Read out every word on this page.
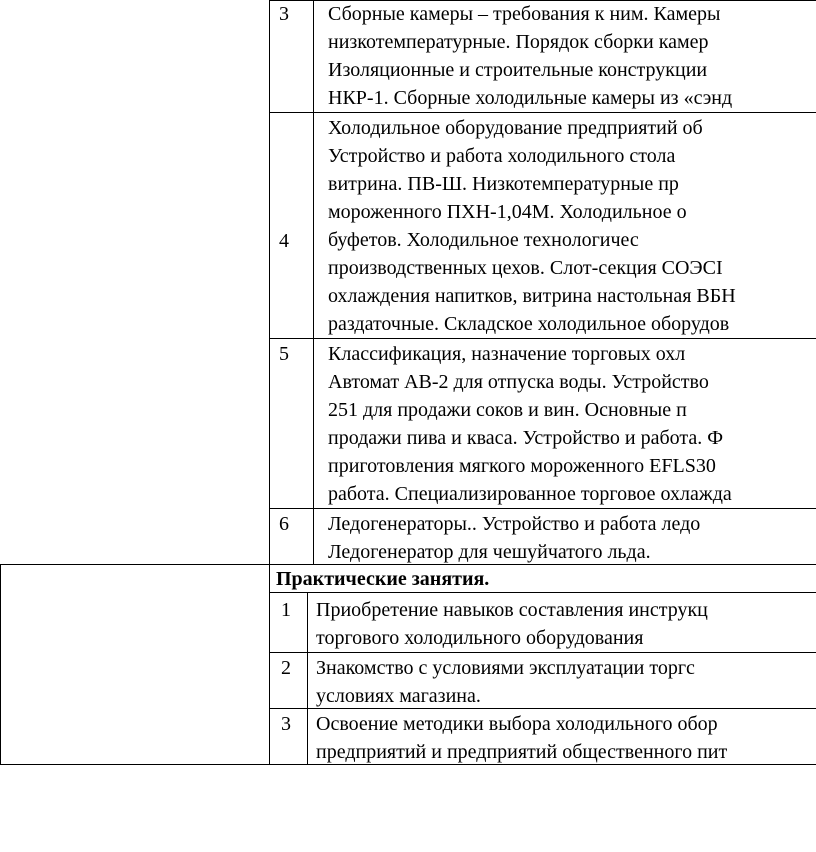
3 Сборные камеры – требования к ним. Камеры
низкотемпературные. Порядок сборки камер
Изоляционные и строительные конструкции
НКР-1. Сборные холодильные камеры из «сэнд
4
Холодильное оборудование предприятий об
Устройство и работа холодильного стола
витрина. ПВ-Ш. Низкотемпературные пр
мороженного ПХН-1,04М. Холодильное о
буфетов. Холодильное технологичес
производственных цехов. Слот-секция СОЭСІ
охлаждения напитков, витрина настольная ВБН
раздаточные. Складское холодильное оборудов
5 Классификация, назначение торговых охл
Автомат АВ-2 для отпуска воды. Устройство
251 для продажи соков и вин. Основные п
продажи пива и кваса. Устройство и работа. Ф
приготовления мягкого мороженного EFLS30
работа. Специализированное торговое охлажда
6 Ледогенераторы.. Устройство и работа ледо
Ледогенератор для чешуйчатого льда.
Практические занятия.
1 Приобретение навыков составления инструкц
торгового холодильного оборудования
2 Знакомство с условиями эксплуатации торгс
условиях магазина.
3 Освоение методики выбора холодильного обор
предприятий и предприятий общественного пит
